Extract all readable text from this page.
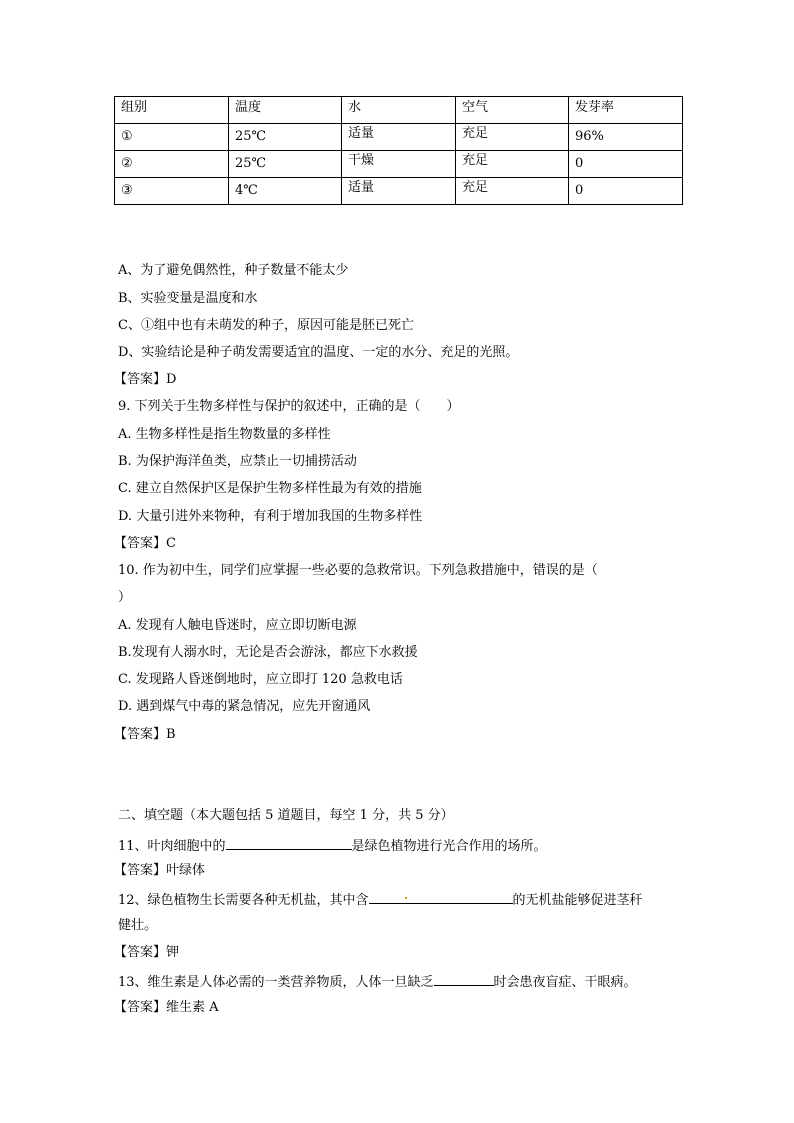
组别	温度	水	空气	发芽率
①	25℃	适量	充足	96%
②	25℃	干燥	充足	0
③	4℃	适量	充足	0
A、为了避免偶然性，种子数量不能太少
B、实验变量是温度和水
C、①组中也有未萌发的种子，原因可能是胚已死亡
D、实验结论是种子萌发需要适宜的温度、一定的水分、充足的光照。
【答案】D
9. 下列关于生物多样性与保护的叙述中，正确的是（　　）
A. 生物多样性是指生物数量的多样性
B. 为保护海洋鱼类，应禁止一切捕捞活动
C. 建立自然保护区是保护生物多样性最为有效的措施
D. 大量引进外来物种，有利于增加我国的生物多样性
【答案】C
10. 作为初中生，同学们应掌握一些必要的急救常识。下列急救措施中，错误的是（
）
A. 发现有人触电昏迷时，应立即切断电源
B.发现有人溺水时，无论是否会游泳，都应下水救援
C. 发现路人昏迷倒地时，应立即打 120 急救电话
D. 遇到煤气中毒的紧急情况，应先开窗通风
【答案】B
二、填空题（本大题包括 5 道题目，每空 1 分，共 5 分）
11、叶肉细胞中的	是绿色植物进行光合作用的场所。
【答案】叶绿体
12、绿色植物生长需要各种无机盐，其中含	的无机盐能够促进茎秆
健壮。
【答案】钾
13、维生素是人体必需的一类营养物质，人体一旦缺乏	时会患夜盲症、干眼病。
【答案】维生素 A
